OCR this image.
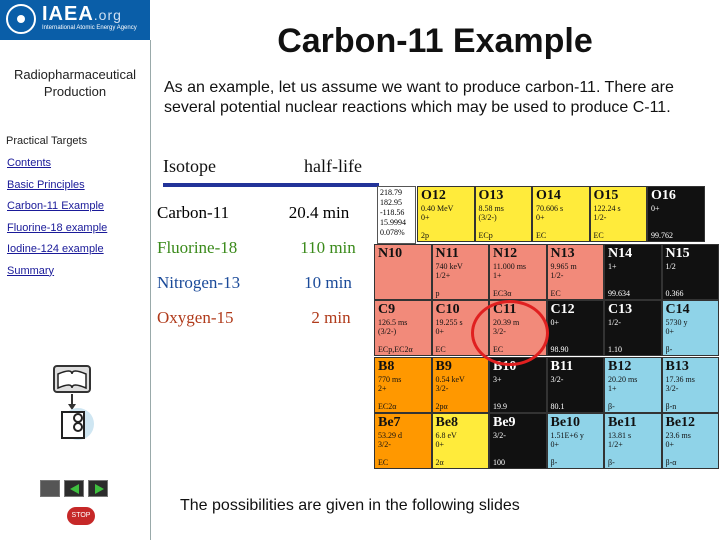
IAEA.org
International Atomic Energy Agency
Radiopharmaceutical Production
Practical Targets
Contents
Basic Principles
Carbon-11 Example
Fluorine-18 example
Iodine-124 example
Summary
STOP
Carbon-11 Example
As an example, let us assume we want to produce carbon-11. There are several potential nuclear reactions which may be used to produce C-11.
Isotope	half-life
Carbon-11	20.4 min
Fluorine-18	110 min
Nitrogen-13	10 min
Oxygen-15	2 min
218.79
182.95
-118.56
15.9994
0.078%
O12
0.40 MeV
0+
2p
O13
8.58 ms
(3/2-)
ECp
O14
70.606 s
0+
EC
O15
122.24 s
1/2-
EC
O16
0+
99.762
N10 N11
740 keV
1/2+
p
N12
11.000 ms
1+
EC3α
N13
9.965 m
1/2-
EC
N14
1+
99.634
N15
1/2
0.366
C9
126.5 ms
(3/2-)
ECp,EC2α
C10
19.255 s
0+
EC
C11
20.39 m
3/2-
EC
C12
0+
98.90
C13
1/2-
1.10
C14
5730 y
0+
β-
B8
770 ms
2+
EC2α
B9
0.54 keV
3/2-
2pα
B10
3+
19.9
B11
3/2-
80.1
B12
20.20 ms
1+
β-
B13
17.36 ms
3/2-
β-n
Be7
53.29 d
3/2-
EC
Be8
6.8 eV
0+
2α
Be9
3/2-
100
Be10
1.51E+6 y
0+
β-
Be11
13.81 s
1/2+
β-
Be12
23.6 ms
0+
β-α
The possibilities are given in the following slides
